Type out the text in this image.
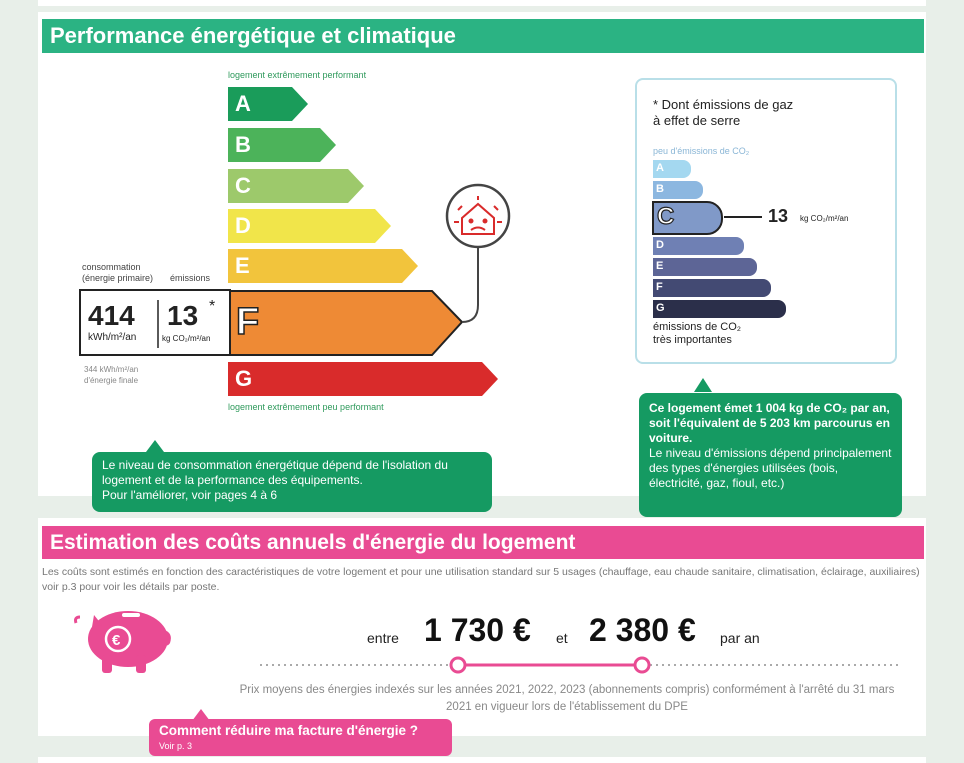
Performance énergétique et climatique
logement extrêmement performant
A
B
C
D
E
F
G
consommation
(énergie primaire) émissions
414
kWh/m²/an
13 *
kg CO₂/m²/an
344 kWh/m²/an
d'énergie finale
logement extrêmement peu performant
Le niveau de consommation énergétique dépend de l'isolation du logement et de la performance des équipements.
Pour l'améliorer, voir pages 4 à 6
* Dont émissions de gaz
à effet de serre
peu d'émissions de CO₂
A
B
C
D
E
F
G
13 kg CO₂/m²/an
émissions de CO₂
très importantes
Ce logement émet 1 004 kg de CO₂ par an, soit l'équivalent de 5 203 km parcourus en voiture.
Le niveau d'émissions dépend principalement des types d'énergies utilisées (bois, électricité, gaz, fioul, etc.)
Estimation des coûts annuels d'énergie du logement
Les coûts sont estimés en fonction des caractéristiques de votre logement et pour une utilisation standard sur 5 usages (chauffage, eau chaude sanitaire, climatisation, éclairage, auxiliaires) voir p.3 pour voir les détails par poste.
€	entre 1 730 € et 2 380 € par an
Prix moyens des énergies indexés sur les années 2021, 2022, 2023 (abonnements compris) conformément à l'arrêté du 31 mars 2021 en vigueur lors de l'établissement du DPE
Comment réduire ma facture d'énergie ?
Voir p. 3
